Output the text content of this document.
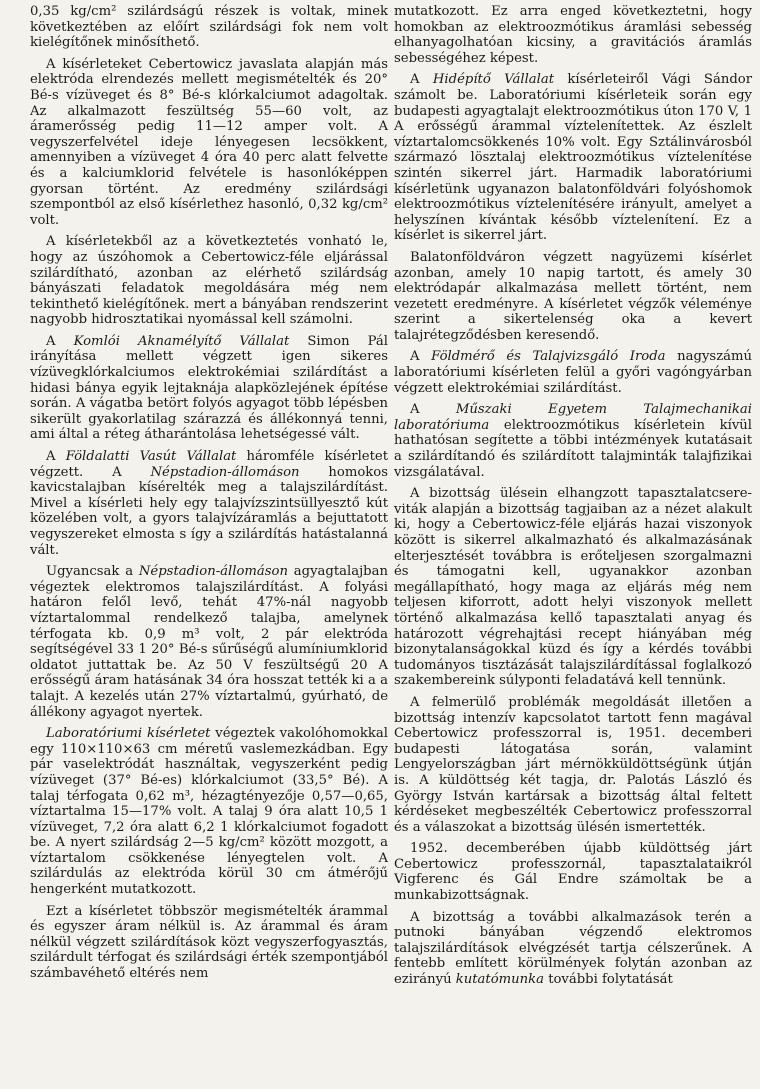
0,35 kg/cm² szilárdságú részek is voltak, minek következtében az előírt szilárdsági fok nem volt kielégítőnek minősíthető.

A kísérleteket Cebertowicz javaslata alapján más elektróda elrendezés mellett megismételték és 20° Bé-s vízüveget és 8° Bé-s klórkalciumot adagoltak. Az alkalmazott feszültség 55—60 volt, az áramerősség pedig 11—12 amper volt. A vegyszerfelvétel ideje lényegesen lecsökkent, amennyiben a vízüveget 4 óra 40 perc alatt felvette és a kalciumklorid felvétele is hasonlóképpen gyorsan történt. Az eredmény szilárdsági szempontból az első kísérlethez hasonló, 0,32 kg/cm² volt.

A kísérletekből az a következtetés vonható le, hogy az úszóhomok a Cebertowicz-féle eljárással szilárdítható, azonban az elérhető szilárdság bányászati feladatok megoldására még nem tekinthető kielégítőnek. mert a bányában rendszerint nagyobb hidrosztatikai nyomással kell számolni.

A Komlói Aknamélyítő Vállalat Simon Pál irányítása mellett végzett igen sikeres vízüvegklórkalciumos elektrokémiai szilárdítást a hidasi bánya egyik lejtaknája alapközlejének építése során. A vágatba betört folyós agyagot több lépésben sikerült gyakorlatilag szárazzá és állékonnyá tenni, ami által a réteg átharántolása lehetségessé vált.

A Földalatti Vasút Vállalat háromféle kísérletet végzett. A Népstadion-állomáson homokos kavicstalajban kísérelték meg a talajszilárdítást. Mivel a kísérleti hely egy talajvízszintsüllyesztő kút közelében volt, a gyors talajvízáramlás a bejuttatott vegyszereket elmosta s így a szilárdítás hatástalanná vált.

Ugyancsak a Népstadion-állomáson agyagtalajban végeztek elektromos talajszilárdítást. A folyási határon felől levő, tehát 47%-nál nagyobb víztartalommal rendelkező talajba, amelynek térfogata kb. 0,9 m³ volt, 2 pár elektróda segítségével 33 1 20° Bé-s sűrűségű alumíniumklorid oldatot juttattak be. Az 50 V feszültségű 20 A erősségű áram hatásának 34 óra hosszat tették ki a a talajt. A kezelés után 27% víztartalmú, gyúrható, de állékony agyagot nyertek.

Laboratóriumi kísérletet végeztek vakolóhomokkal egy 110×110×63 cm méretű vaslemezkádban. Egy pár vaselektródát használtak, vegyszerként pedig vízüveget (37° Bé-es) klórkalciumot (33,5° Bé). A talaj térfogata 0,62 m³, hézagtényezője 0,57—0,65, víztartalma 15—17% volt. A talaj 9 óra alatt 10,5 1 vízüveget, 7,2 óra alatt 6,2 1 klórkalciumot fogadott be. A nyert szilárdság 2—5 kg/cm² között mozgott, a víztartalom csökkenése lényegtelen volt. A szilárdulás az elektróda körül 30 cm átmérőjű hengerként mutatkozott.

Ezt a kísérletet többször megismételték árammal és egyszer áram nélkül is. Az árammal és áram nélkül végzett szilárdítások közt vegyszerfogyasztás, szilárdult térfogat és szilárdsági érték szempontjából számbavéhető eltérés nem

mutatkozott. Ez arra enged következtetni, hogy homokban az elektroozmótikus áramlási sebesség elhanyagolhatóan kicsiny, a gravitációs áramlás sebességéhez képest.

A Hidépítő Vállalat kísérleteiről Vági Sándor számolt be. Laboratóriumi kísérleteik során egy budapesti agyagtalajt elektroozmótikus úton 170 V, 1 A erősségű árammal víztelenítettek. Az észlelt víztartalomcsökkenés 10% volt. Egy Sztálinvárosból származó lösztalaj elektroozmótikus víztelenítése szintén sikerrel járt. Harmadik laboratóriumi kísérletünk ugyanazon balatonföldvári folyóshomok elektroozmótikus víztelenítésére irányult, amelyet a helyszínen kívántak később víztelenítení. Ez a kísérlet is sikerrel járt.

Balatonföldváron végzett nagyüzemi kísérlet azonban, amely 10 napig tartott, és amely 30 elektródapár alkalmazása mellett történt, nem vezetett eredményre. A kísérletet végzők véleménye szerint a sikertelenség oka a kevert talajrétegződésben keresendő.

A Földmérő és Talajvizsgáló Iroda nagyszámú laboratóriumi kísérleten felül a győri vagóngyárban végzett elektrokémiai szilárdítást.

A Műszaki Egyetem Talajmechanikai laboratóriuma elektroozmótikus kísérletein kívül hathatósan segítette a többi intézmények kutatásait a szilárdítandó és szilárdított talajminták talajfizikai vizsgálatával.

A bizottság ülésein elhangzott tapasztalatcsere-viták alapján a bizottság tagjaiban az a nézet alakult ki, hogy a Cebertowicz-féle eljárás hazai viszonyok között is sikerrel alkalmazható és alkalmazásának elterjesztését továbbra is erőteljesen szorgalmazni és támogatni kell, ugyanakkor azonban megállapítható, hogy maga az eljárás még nem teljesen kiforrott, adott helyi viszonyok mellett történő alkalmazása kellő tapasztalati anyag és határozott végrehajtási recept hiányában még bizonytalanságokkal küzd és így a kérdés további tudományos tisztázását talajszilárdítással foglalkozó szakembereink súlyponti feladatává kell tennünk.

A felmerülő problémák megoldását illetően a bizottság intenzív kapcsolatot tartott fenn magával Cebertowicz professzorral is, 1951. decemberi budapesti látogatása során, valamint Lengyelországban járt mérnökküldöttségünk útján is. A küldöttség két tagja, dr. Palotás László és György István kartársak a bizottság által feltett kérdéseket megbeszélték Cebertowicz professzorral és a válaszokat a bizottság ülésén ismertették.

1952. decemberében újabb küldöttség járt Cebertowicz professzornál, tapasztalataikról Vigferenc és Gál Endre számoltak be a munkabizottságnak.

A bizottság a további alkalmazások terén a putnoki bányában végzendő elektromos talajszilárdítások elvégzését tartja célszerűnek. A fentebb említett körülmények folytán azonban az ezirányú kutatómunka további folytatását
